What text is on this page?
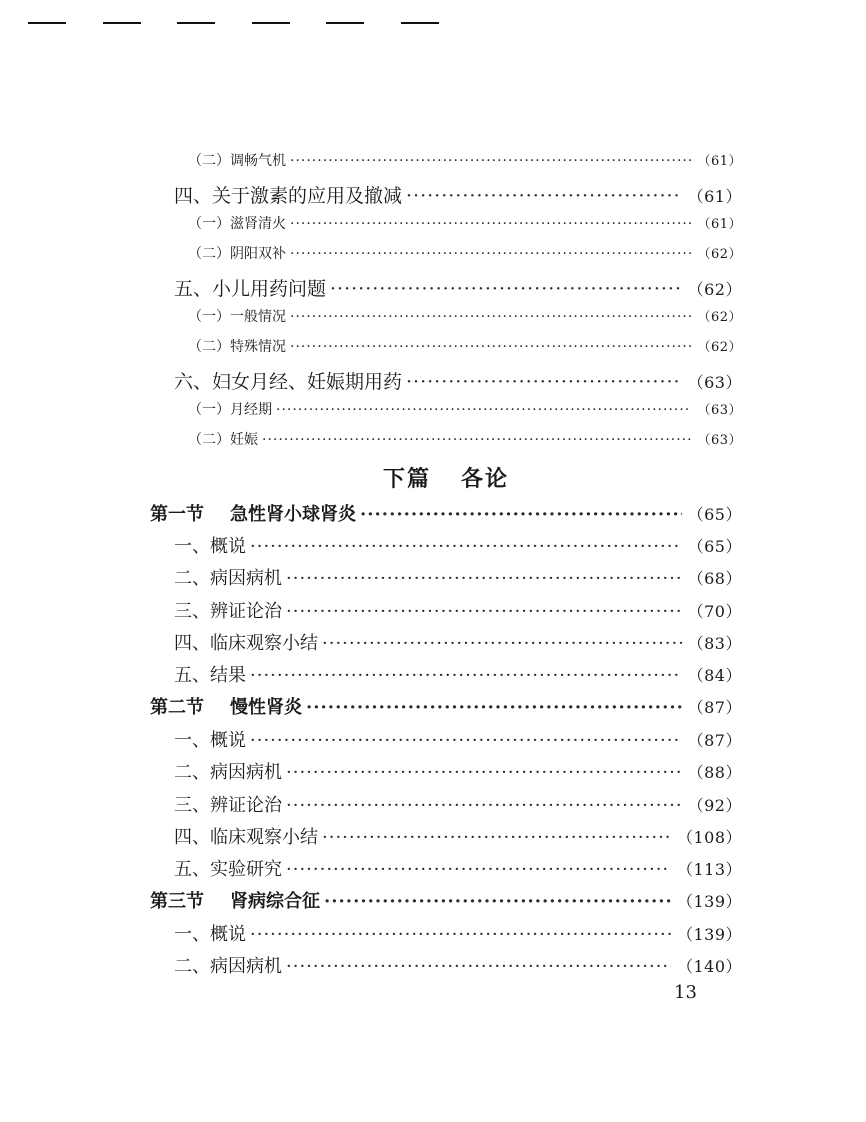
（二）调畅气机 ·····	（61）
四、关于激素的应用及撤减 ·····	（61）
（一）滋肾清火 ·····	（61）
（二）阴阳双补 ·····	（62）
五、小儿用药问题 ·····	（62）
（一）一般情况 ·····	（62）
（二）特殊情况 ·····	（62）
六、妇女月经、妊娠期用药 ·····	（63）
（一）月经期 ·····	（63）
（二）妊娠 ·····	（63）
下篇 各论
第一节 急性肾小球肾炎 ·····	（65）
一、概说 ·····	（65）
二、病因病机 ·····	（68）
三、辨证论治 ·····	（70）
四、临床观察小结 ·····	（83）
五、结果 ·····	（84）
第二节 慢性肾炎 ·····	（87）
一、概说 ·····	（87）
二、病因病机 ·····	（88）
三、辨证论治 ·····	（92）
四、临床观察小结 ·····	（108）
五、实验研究 ·····	（113）
第三节 肾病综合征 ·····	（139）
一、概说 ·····	（139）
二、病因病机 ·····	（140）
13
